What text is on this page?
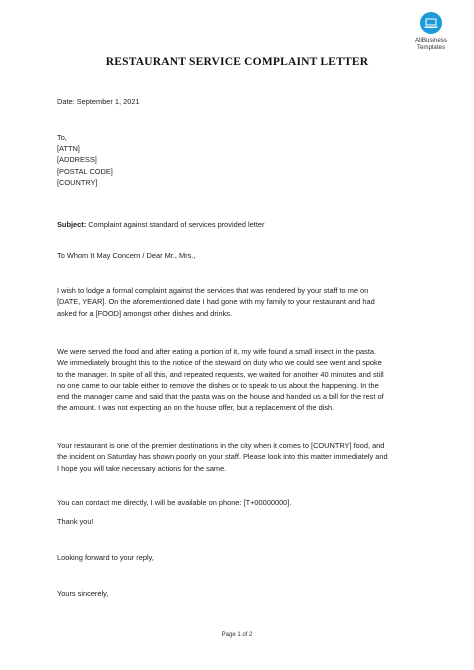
AllBusiness
Templates
RESTAURANT SERVICE COMPLAINT LETTER
Date: September 1, 2021
To,
[ATTN]
[ADDRESS]
[POSTAL CODE]
[COUNTRY]
Subject: Complaint against standard of services provided letter
To Whom It May Concern / Dear Mr., Mrs.,
I wish to lodge a formal complaint against the services that was rendered by your staff to me on
[DATE, YEAR]. On the aforementioned date I had gone with my family to your restaurant and had
asked for a [FOOD] amongst other dishes and drinks.
We were served the food and after eating a portion of it, my wife found a small insect in the pasta.
We immediately brought this to the notice of the steward on duty who we could see went and spoke
to the manager. In spite of all this, and repeated requests, we waited for another 40 minutes and still
no one came to our table either to remove the dishes or to speak to us about the happening. In the
end the manager came and said that the pasta was on the house and handed us a bill for the rest of
the amount. I was not expecting an on the house offer, but a replacement of the dish.
Your restaurant is one of the premier destinations in the city when it comes to [COUNTRY] food, and
the incident on Saturday has shown poorly on your staff. Please look into this matter immediately and
I hope you will take necessary actions for the same.
You can contact me directly, I will be available on phone: [T+00000000].
Thank you!
Looking forward to your reply,
Yours sincerely,
Page 1 of 2
